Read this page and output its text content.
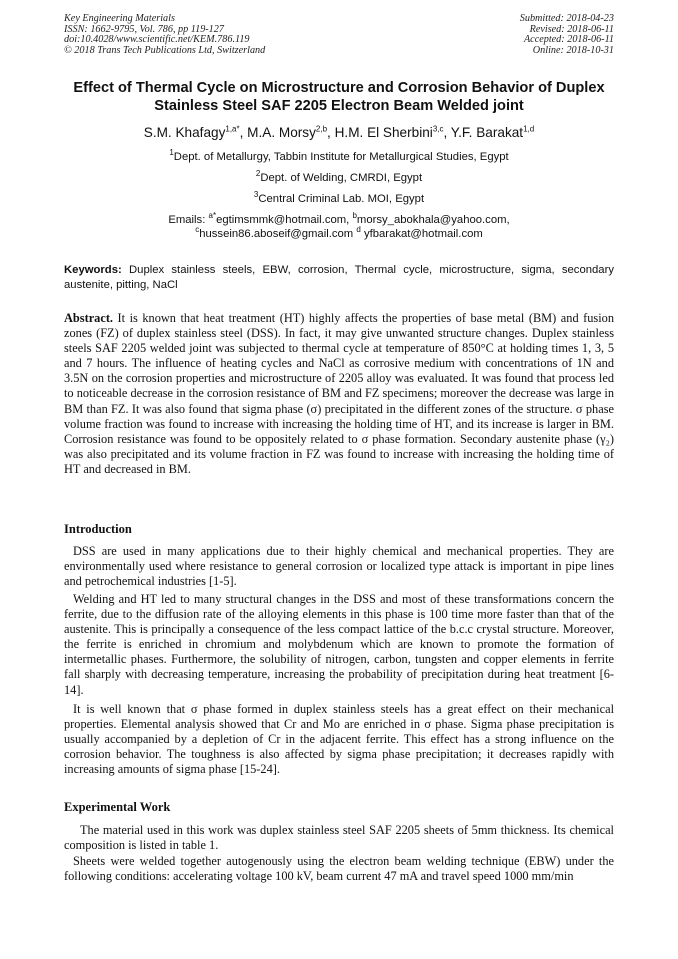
Key Engineering Materials
ISSN: 1662-9795, Vol. 786, pp 119-127
doi:10.4028/www.scientific.net/KEM.786.119
© 2018 Trans Tech Publications Ltd, Switzerland
Submitted: 2018-04-23
Revised: 2018-06-11
Accepted: 2018-06-11
Online: 2018-10-31
Effect of Thermal Cycle on Microstructure and Corrosion Behavior of Duplex Stainless Steel SAF 2205 Electron Beam Welded joint
S.M. Khafagy$^{1,a*}$, M.A. Morsy$^{2,b}$, H.M. El Sherbini$^{3,c}$, Y.F. Barakat$^{1,d}$
$^1$Dept. of Metallurgy, Tabbin Institute for Metallurgical Studies, Egypt
$^2$Dept. of Welding, CMRDI, Egypt
$^3$Central Criminal Lab. MOI, Egypt
Emails: $^{a*}$egtimsmmk@hotmail.com, $^b$morsy_abokhala@yahoo.com,
$^c$hussein86.aboseif@gmail.com $^d$ yfbarakat@hotmail.com
Keywords: Duplex stainless steels, EBW, corrosion, Thermal cycle, microstructure, sigma, secondary austenite, pitting, NaCl
Abstract. It is known that heat treatment (HT) highly affects the properties of base metal (BM) and fusion zones (FZ) of duplex stainless steel (DSS). In fact, it may give unwanted structure changes. Duplex stainless steels SAF 2205 welded joint was subjected to thermal cycle at temperature of 850°C at holding times 1, 3, 5 and 7 hours. The influence of heating cycles and NaCl as corrosive medium with concentrations of 1N and 3.5N on the corrosion properties and microstructure of 2205 alloy was evaluated. It was found that process led to noticeable decrease in the corrosion resistance of BM and FZ specimens; moreover the decrease was large in BM than FZ. It was also found that sigma phase (σ) precipitated in the different zones of the structure. σ phase volume fraction was found to increase with increasing the holding time of HT, and its increase is larger in BM. Corrosion resistance was found to be oppositely related to σ phase formation. Secondary austenite phase (γ₂) was also precipitated and its volume fraction in FZ was found to increase with increasing the holding time of HT and decreased in BM.
Introduction
DSS are used in many applications due to their highly chemical and mechanical properties. They are environmentally used where resistance to general corrosion or localized type attack is important in pipe lines and petrochemical industries [1-5].
Welding and HT led to many structural changes in the DSS and most of these transformations concern the ferrite, due to the diffusion rate of the alloying elements in this phase is 100 time more faster than that of the austenite. This is principally a consequence of the less compact lattice of the b.c.c crystal structure. Moreover, the ferrite is enriched in chromium and molybdenum which are known to promote the formation of intermetallic phases. Furthermore, the solubility of nitrogen, carbon, tungsten and copper elements in ferrite fall sharply with decreasing temperature, increasing the probability of precipitation during heat treatment [6-14].
It is well known that σ phase formed in duplex stainless steels has a great effect on their mechanical properties. Elemental analysis showed that Cr and Mo are enriched in σ phase. Sigma phase precipitation is usually accompanied by a depletion of Cr in the adjacent ferrite. This effect has a strong influence on the corrosion behavior. The toughness is also affected by sigma phase precipitation; it decreases rapidly with increasing amounts of sigma phase [15-24].
Experimental Work
The material used in this work was duplex stainless steel SAF 2205 sheets of 5mm thickness. Its chemical composition is listed in table 1.
Sheets were welded together autogenously using the electron beam welding technique (EBW) under the following conditions: accelerating voltage 100 kV, beam current 47 mA and travel speed 1000 mm/min
